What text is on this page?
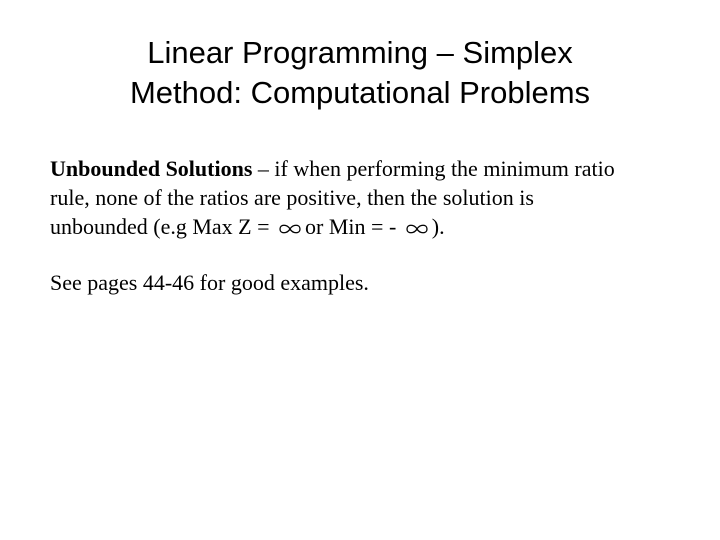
Linear Programming – Simplex
Method: Computational Problems

Unbounded Solutions – if when performing the minimum ratio
rule, none of the ratios are positive, then the solution is
unbounded (e.g Max Z = or Min = - ).

See pages 44-46 for good examples.
